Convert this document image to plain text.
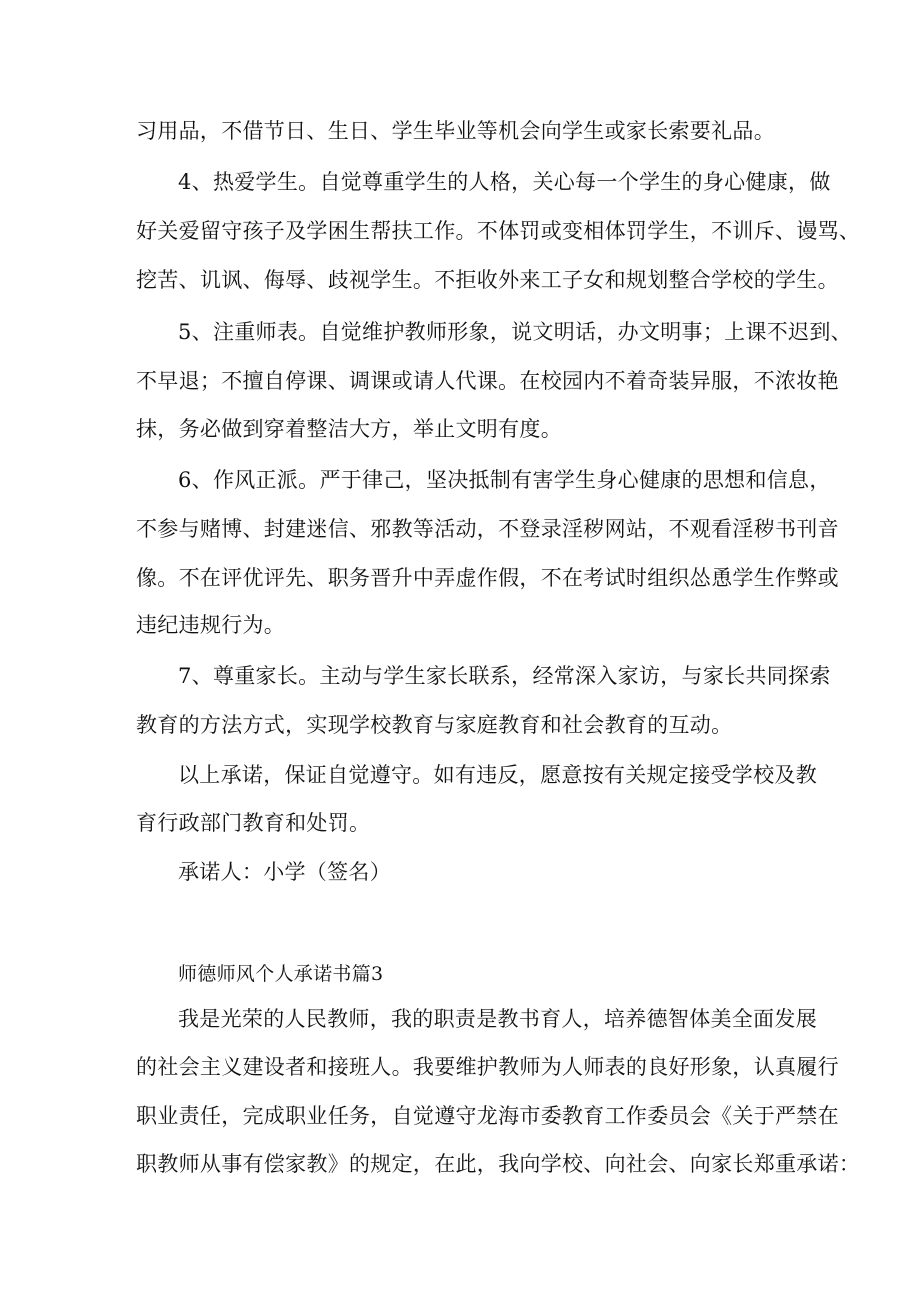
习用品，不借节日、生日、学生毕业等机会向学生或家长索要礼品。
4、热爱学生。自觉尊重学生的人格，关心每一个学生的身心健康，做
好关爱留守孩子及学困生帮扶工作。不体罚或变相体罚学生，不训斥、谩骂、
挖苦、讥讽、侮辱、歧视学生。不拒收外来工子女和规划整合学校的学生。
5、注重师表。自觉维护教师形象，说文明话，办文明事；上课不迟到、
不早退；不擅自停课、调课或请人代课。在校园内不着奇装异服，不浓妆艳
抹，务必做到穿着整洁大方，举止文明有度。
6、作风正派。严于律己，坚决抵制有害学生身心健康的思想和信息，
不参与赌博、封建迷信、邪教等活动，不登录淫秽网站，不观看淫秽书刊音
像。不在评优评先、职务晋升中弄虚作假，不在考试时组织怂恿学生作弊或
违纪违规行为。
7、尊重家长。主动与学生家长联系，经常深入家访，与家长共同探索
教育的方法方式，实现学校教育与家庭教育和社会教育的互动。
以上承诺，保证自觉遵守。如有违反，愿意按有关规定接受学校及教
育行政部门教育和处罚。
承诺人：小学（签名）
师德师风个人承诺书篇3
我是光荣的人民教师，我的职责是教书育人，培养德智体美全面发展
的社会主义建设者和接班人。我要维护教师为人师表的良好形象，认真履行
职业责任，完成职业任务，自觉遵守龙海市委教育工作委员会《关于严禁在
职教师从事有偿家教》的规定，在此，我向学校、向社会、向家长郑重承诺：
